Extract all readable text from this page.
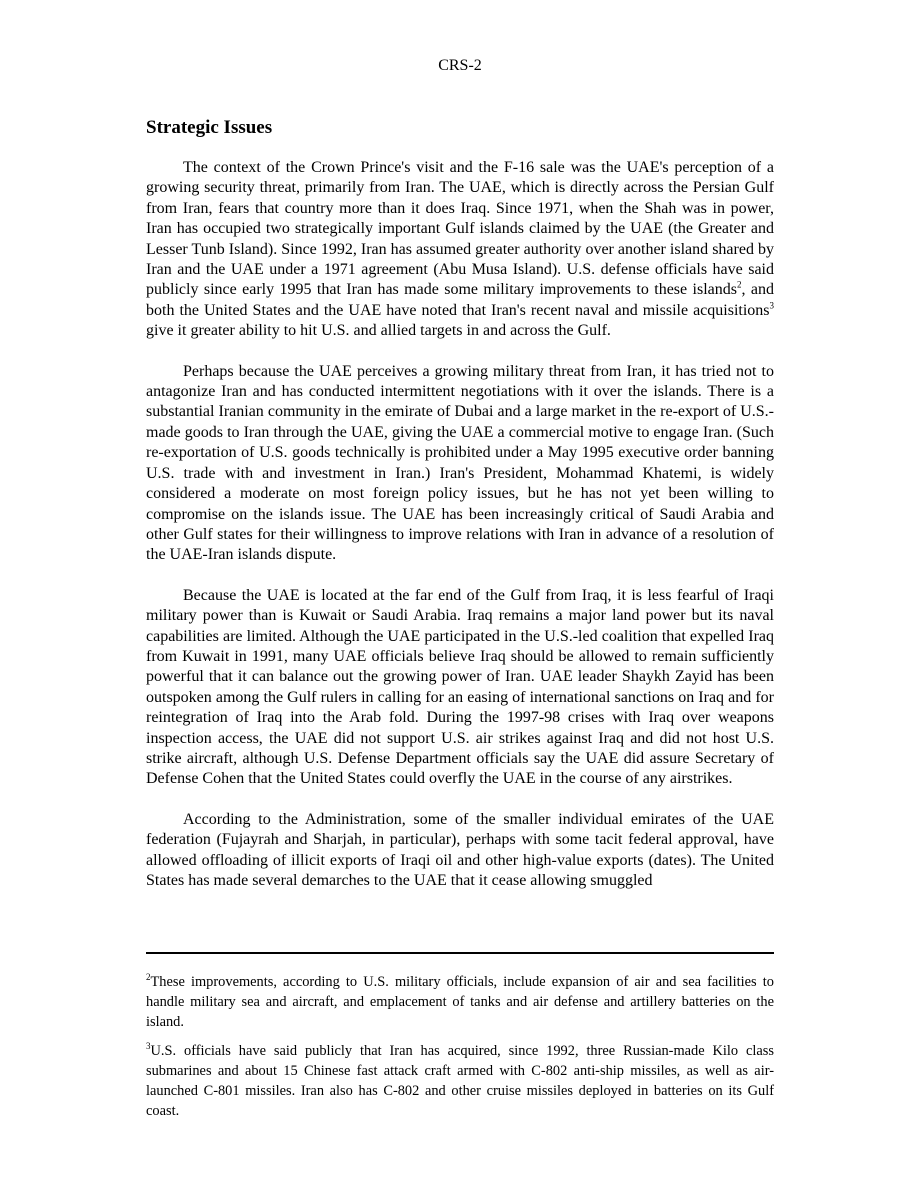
CRS-2
Strategic Issues

The context of the Crown Prince's visit and the F-16 sale was the UAE's perception of a growing security threat, primarily from Iran. The UAE, which is directly across the Persian Gulf from Iran, fears that country more than it does Iraq. Since 1971, when the Shah was in power, Iran has occupied two strategically important Gulf islands claimed by the UAE (the Greater and Lesser Tunb Island). Since 1992, Iran has assumed greater authority over another island shared by Iran and the UAE under a 1971 agreement (Abu Musa Island). U.S. defense officials have said publicly since early 1995 that Iran has made some military improvements to these islands$^2$, and both the United States and the UAE have noted that Iran's recent naval and missile acquisitions$^3$ give it greater ability to hit U.S. and allied targets in and across the Gulf.

Perhaps because the UAE perceives a growing military threat from Iran, it has tried not to antagonize Iran and has conducted intermittent negotiations with it over the islands. There is a substantial Iranian community in the emirate of Dubai and a large market in the re-export of U.S.-made goods to Iran through the UAE, giving the UAE a commercial motive to engage Iran. (Such re-exportation of U.S. goods technically is prohibited under a May 1995 executive order banning U.S. trade with and investment in Iran.) Iran's President, Mohammad Khatemi, is widely considered a moderate on most foreign policy issues, but he has not yet been willing to compromise on the islands issue. The UAE has been increasingly critical of Saudi Arabia and other Gulf states for their willingness to improve relations with Iran in advance of a resolution of the UAE-Iran islands dispute.

Because the UAE is located at the far end of the Gulf from Iraq, it is less fearful of Iraqi military power than is Kuwait or Saudi Arabia. Iraq remains a major land power but its naval capabilities are limited. Although the UAE participated in the U.S.-led coalition that expelled Iraq from Kuwait in 1991, many UAE officials believe Iraq should be allowed to remain sufficiently powerful that it can balance out the growing power of Iran. UAE leader Shaykh Zayid has been outspoken among the Gulf rulers in calling for an easing of international sanctions on Iraq and for reintegration of Iraq into the Arab fold. During the 1997-98 crises with Iraq over weapons inspection access, the UAE did not support U.S. air strikes against Iraq and did not host U.S. strike aircraft, although U.S. Defense Department officials say the UAE did assure Secretary of Defense Cohen that the United States could overfly the UAE in the course of any airstrikes.

According to the Administration, some of the smaller individual emirates of the UAE federation (Fujayrah and Sharjah, in particular), perhaps with some tacit federal approval, have allowed offloading of illicit exports of Iraqi oil and other high-value exports (dates). The United States has made several demarches to the UAE that it cease allowing smuggled

$^2$These improvements, according to U.S. military officials, include expansion of air and sea facilities to handle military sea and aircraft, and emplacement of tanks and air defense and artillery batteries on the island.

$^3$U.S. officials have said publicly that Iran has acquired, since 1992, three Russian-made Kilo class submarines and about 15 Chinese fast attack craft armed with C-802 anti-ship missiles, as well as air-launched C-801 missiles. Iran also has C-802 and other cruise missiles deployed in batteries on its Gulf coast.
